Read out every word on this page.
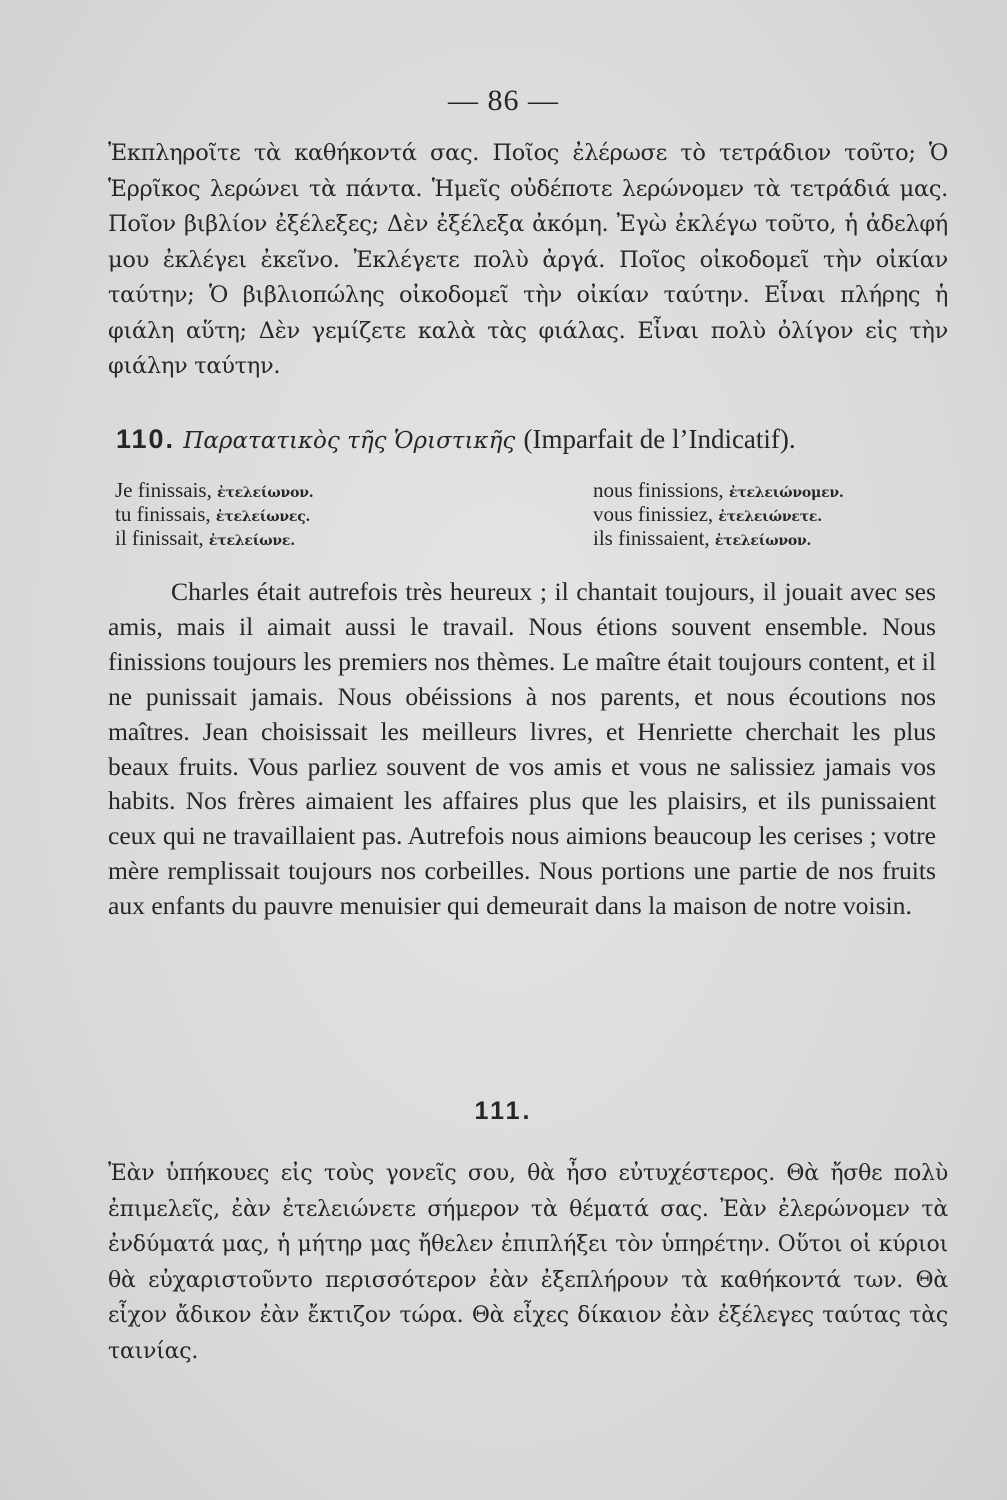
— 86 —

Ἐκπληροῖτε τὰ καθήκοντά σας. Ποῖος ἐλέρωσε τὸ τετράδιον τοῦτο; Ὁ Ἑρρῖκος λερώνει τὰ πάντα. Ἡμεῖς οὐδέποτε λερώνομεν τὰ τετράδιά μας. Ποῖον βιβλίον ἐξέλεξες; Δὲν ἐξέλεξα ἀκόμη. Ἐγὼ ἐκλέγω τοῦτο, ἡ ἀδελφή μου ἐκλέγει ἐκεῖνο. Ἐκλέγετε πολὺ ἀργά. Ποῖος οἰκοδομεῖ τὴν οἰκίαν ταύτην; Ὁ βιβλιοπώλης οἰκοδομεῖ τὴν οἰκίαν ταύτην. Εἶναι πλήρης ἡ φιάλη αὕτη; Δὲν γεμίζετε καλὰ τὰς φιάλας. Εἶναι πολὺ ὀλίγον εἰς τὴν φιάλην ταύτην.

110. Παρατατικὸς τῆς Ὁριστικῆς (Imparfait de l’Indicatif).
Je finissais, ἐτελείωνον.	nous finissions, ἐτελειώνομεν.
tu finissais, ἐτελείωνες.	vous finissiez, ἐτελειώνετε.
il finissait, ἐτελείωνε.	ils finissaient, ἐτελείωνον.

Charles était autrefois très heureux ; il chantait toujours, il jouait avec ses amis, mais il aimait aussi le travail. Nous étions souvent ensemble. Nous finissions toujours les premiers nos thèmes. Le maître était toujours content, et il ne punissait jamais. Nous obéissions à nos parents, et nous écoutions nos maîtres. Jean choisissait les meilleurs livres, et Henriette cherchait les plus beaux fruits. Vous parliez souvent de vos amis et vous ne salissiez jamais vos habits. Nos frères aimaient les affaires plus que les plaisirs, et ils punissaient ceux qui ne travaillaient pas. Autrefois nous aimions beaucoup les cerises ; votre mère remplissait toujours nos corbeilles. Nous portions une partie de nos fruits aux enfants du pauvre menuisier qui demeurait dans la maison de notre voisin.

111.

Ἐὰν ὑπήκουες εἰς τοὺς γονεῖς σου, θὰ ἦσο εὐτυχέστερος. Θὰ ἤσθε πολὺ ἐπιμελεῖς, ἐὰν ἐτελειώνετε σήμερον τὰ θέματά σας. Ἐὰν ἐλερώνομεν τὰ ἐνδύματά μας, ἡ μήτηρ μας ἤθελεν ἐπιπλήξει τὸν ὑπηρέτην. Οὕτοι οἱ κύριοι θὰ εὐχαριστοῦντο περισσότερον ἐὰν ἐξεπλήρουν τὰ καθήκοντά των. Θὰ εἶχον ἄδικον ἐὰν ἔκτιζον τώρα. Θὰ εἶχες δίκαιον ἐὰν ἐξέλεγες ταύτας τὰς ταινίας.
